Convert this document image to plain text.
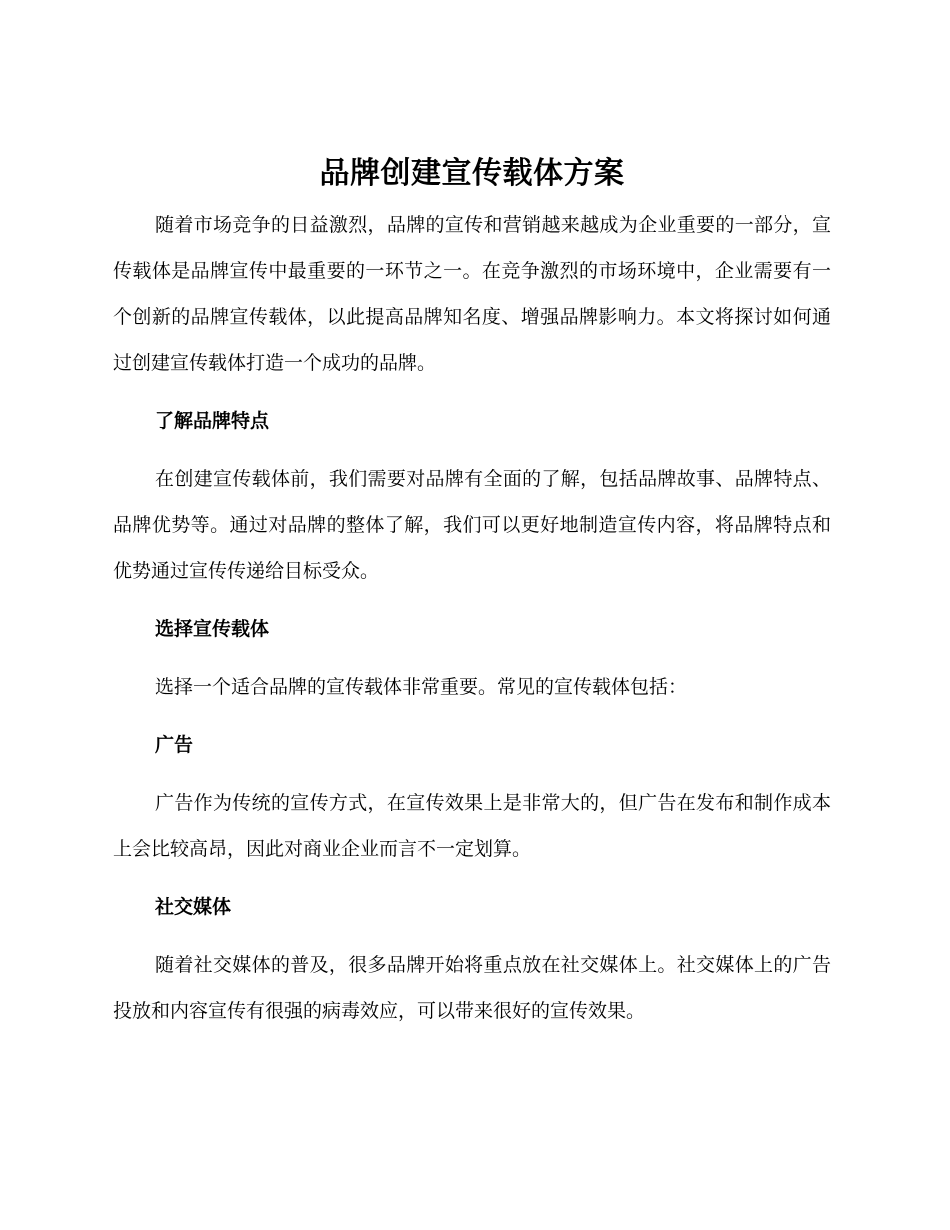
品牌创建宣传载体方案

随着市场竞争的日益激烈，品牌的宣传和营销越来越成为企业重要的一部分，宣传载体是品牌宣传中最重要的一环节之一。在竞争激烈的市场环境中，企业需要有一个创新的品牌宣传载体，以此提高品牌知名度、增强品牌影响力。本文将探讨如何通过创建宣传载体打造一个成功的品牌。

了解品牌特点

在创建宣传载体前，我们需要对品牌有全面的了解，包括品牌故事、品牌特点、品牌优势等。通过对品牌的整体了解，我们可以更好地制造宣传内容，将品牌特点和优势通过宣传传递给目标受众。

选择宣传载体

选择一个适合品牌的宣传载体非常重要。常见的宣传载体包括：

广告

广告作为传统的宣传方式，在宣传效果上是非常大的，但广告在发布和制作成本上会比较高昂，因此对商业企业而言不一定划算。

社交媒体

随着社交媒体的普及，很多品牌开始将重点放在社交媒体上。社交媒体上的广告投放和内容宣传有很强的病毒效应，可以带来很好的宣传效果。
